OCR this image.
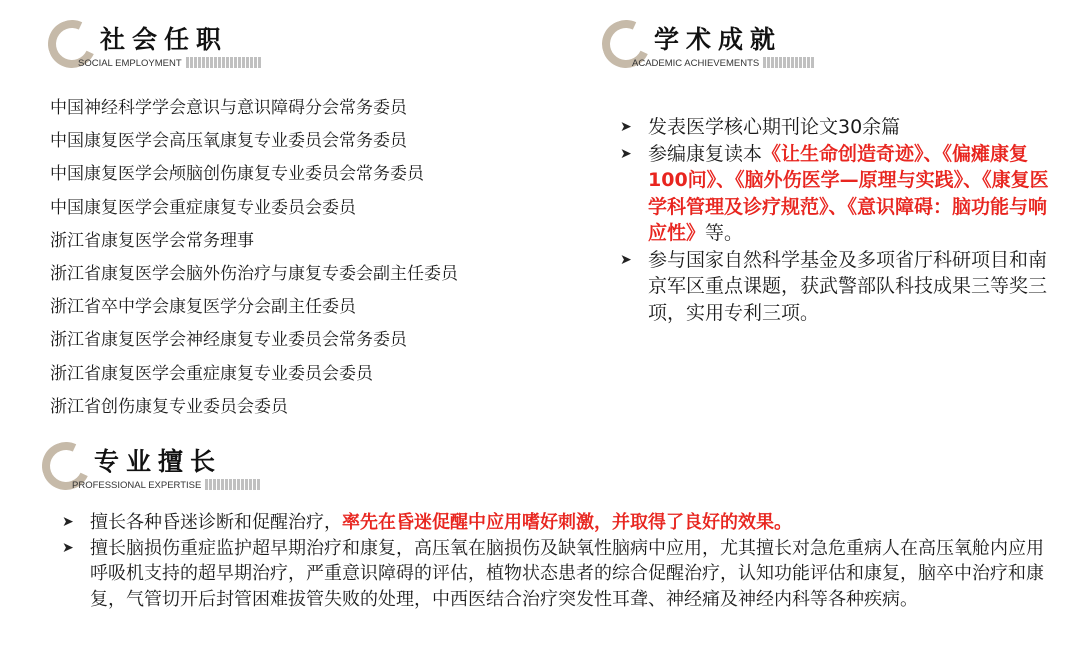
社会任职
SOCIAL EMPLOYMENT
中国神经科学学会意识与意识障碍分会常务委员
中国康复医学会高压氧康复专业委员会常务委员
中国康复医学会颅脑创伤康复专业委员会常务委员
中国康复医学会重症康复专业委员会委员
浙江省康复医学会常务理事
浙江省康复医学会脑外伤治疗与康复专委会副主任委员
浙江省卒中学会康复医学分会副主任委员
浙江省康复医学会神经康复专业委员会常务委员
浙江省康复医学会重症康复专业委员会委员
浙江省创伤康复专业委员会委员
学术成就
ACADEMIC ACHIEVEMENTS
➤ 发表医学核心期刊论文30余篇
➤ 参编康复读本《让生命创造奇迹》、《偏瘫康复100问》、《脑外伤医学—原理与实践》、《康复医学科管理及诊疗规范》、《意识障碍：脑功能与响应性》等。
➤ 参与国家自然科学基金及多项省厅科研项目和南京军区重点课题，获武警部队科技成果三等奖三项，实用专利三项。
专业擅长
PROFESSIONAL EXPERTISE
➤ 擅长各种昏迷诊断和促醒治疗，率先在昏迷促醒中应用嗜好刺激，并取得了良好的效果。
➤ 擅长脑损伤重症监护超早期治疗和康复，高压氧在脑损伤及缺氧性脑病中应用，尤其擅长对急危重病人在高压氧舱内应用呼吸机支持的超早期治疗，严重意识障碍的评估，植物状态患者的综合促醒治疗，认知功能评估和康复，脑卒中治疗和康复，气管切开后封管困难拔管失败的处理，中西医结合治疗突发性耳聋、神经痛及神经内科等各种疾病。
